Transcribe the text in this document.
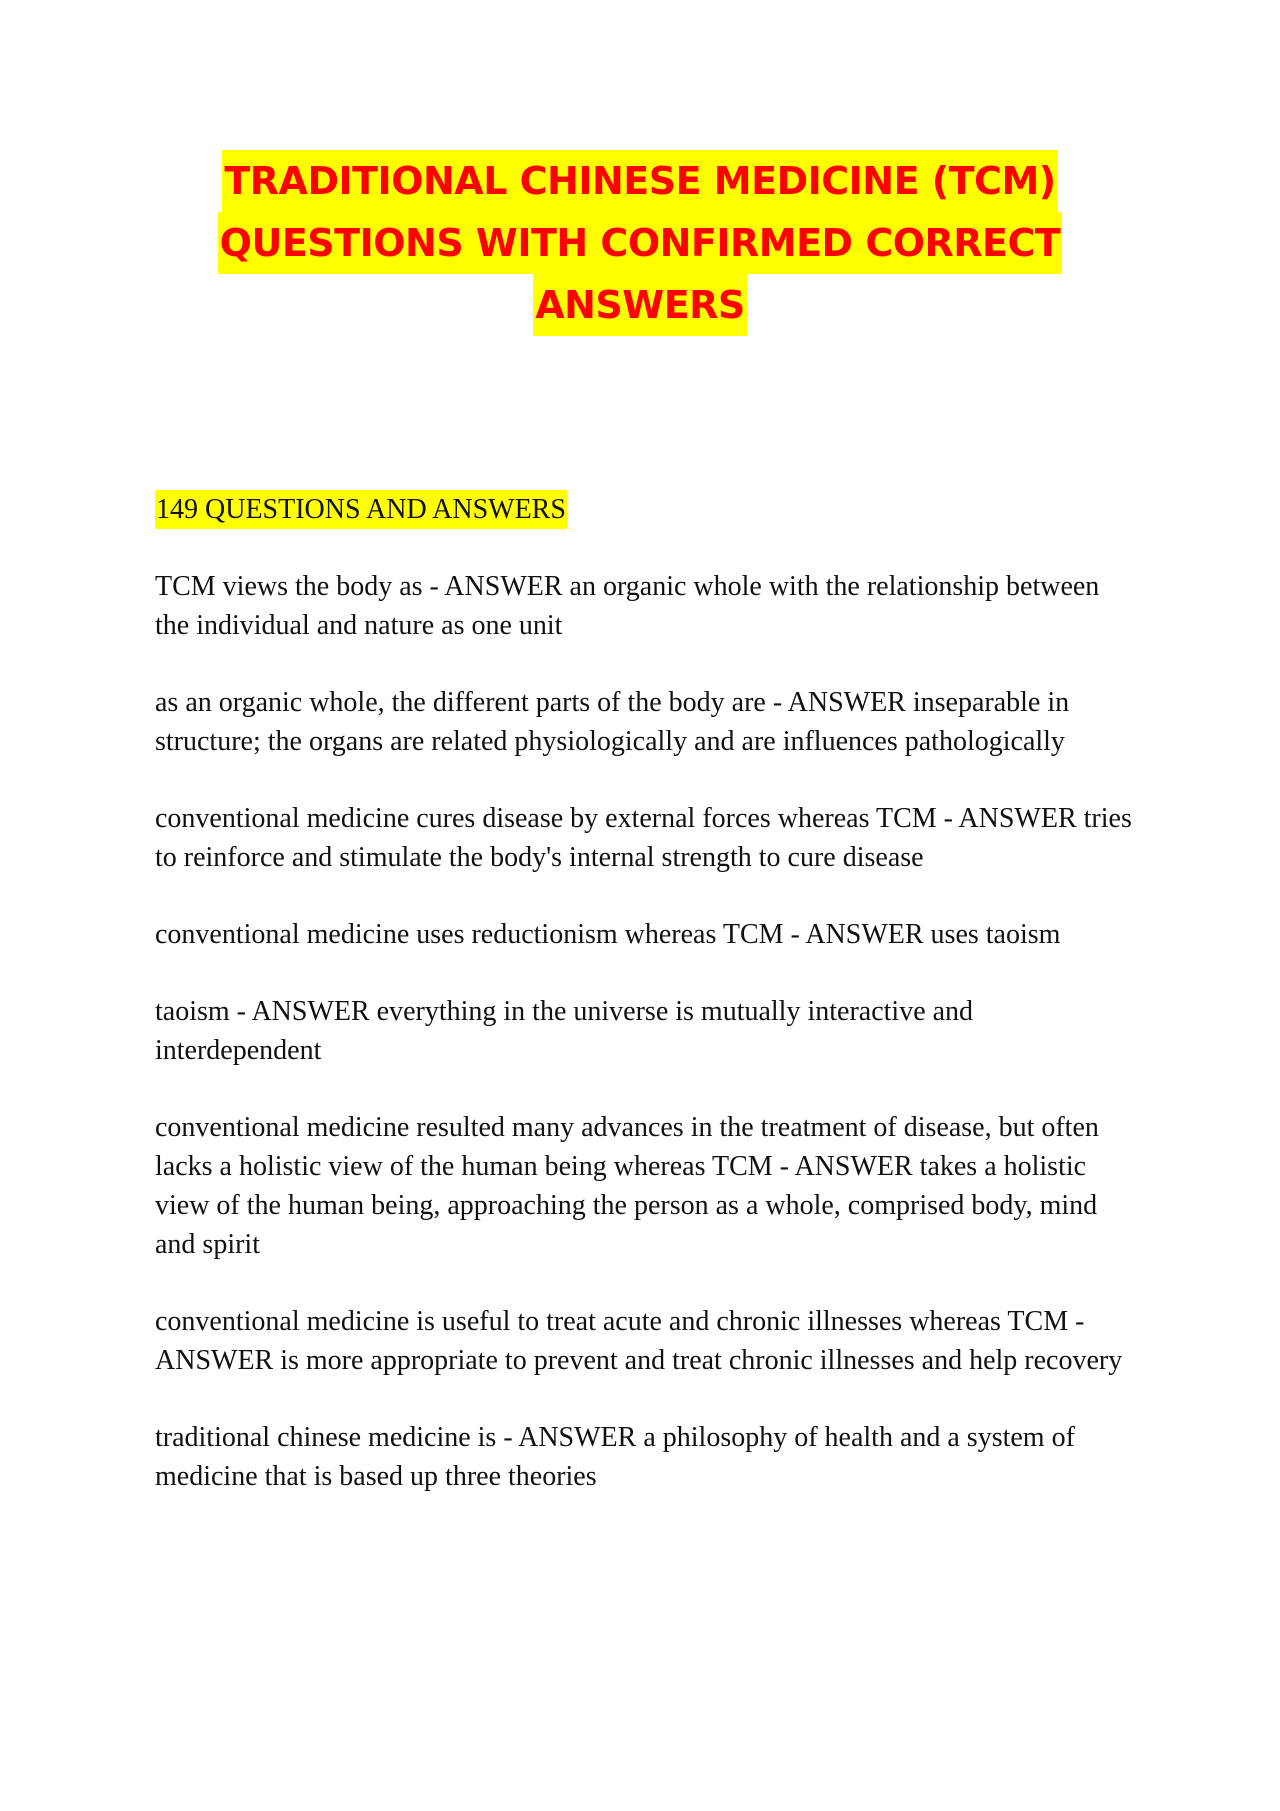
TRADITIONAL CHINESE MEDICINE (TCM)
QUESTIONS WITH CONFIRMED CORRECT
ANSWERS
149 QUESTIONS AND ANSWERS

TCM views the body as - ANSWER an organic whole with the relationship between the individual and nature as one unit

as an organic whole, the different parts of the body are - ANSWER inseparable in structure; the organs are related physiologically and are influences pathologically

conventional medicine cures disease by external forces whereas TCM - ANSWER tries to reinforce and stimulate the body's internal strength to cure disease

conventional medicine uses reductionism whereas TCM - ANSWER uses taoism

taoism - ANSWER everything in the universe is mutually interactive and interdependent

conventional medicine resulted many advances in the treatment of disease, but often lacks a holistic view of the human being whereas TCM - ANSWER takes a holistic view of the human being, approaching the person as a whole, comprised body, mind and spirit

conventional medicine is useful to treat acute and chronic illnesses whereas TCM - ANSWER is more appropriate to prevent and treat chronic illnesses and help recovery

traditional chinese medicine is - ANSWER a philosophy of health and a system of medicine that is based up three theories
